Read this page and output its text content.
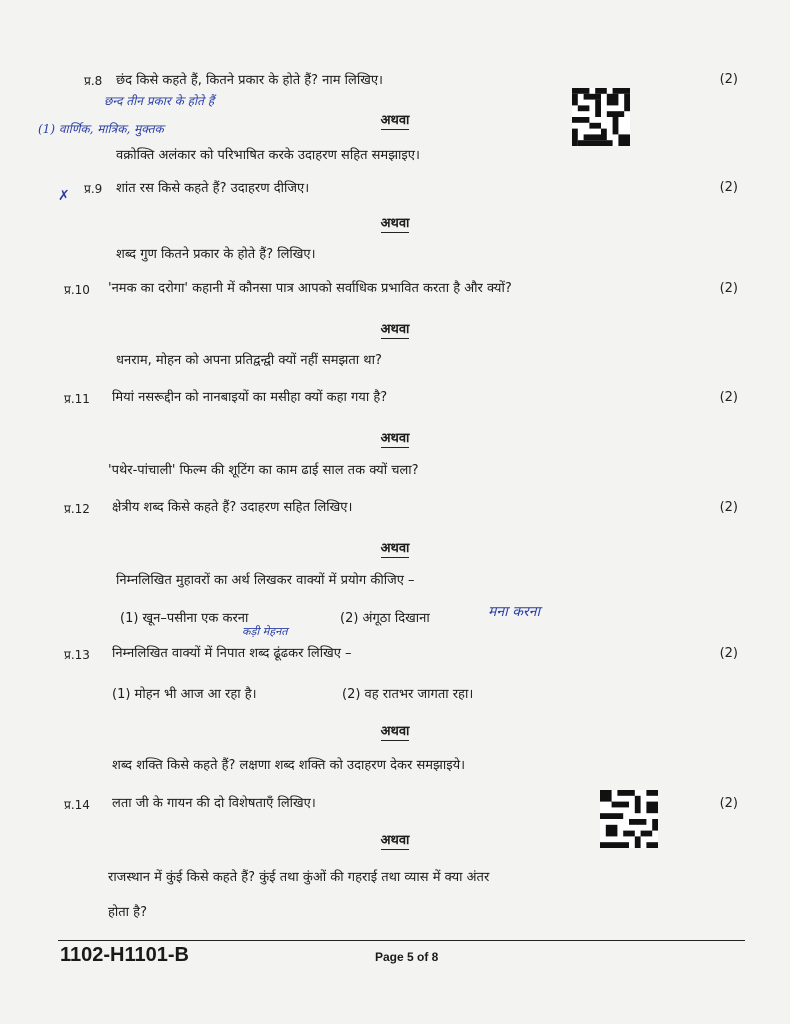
प्र.8 छंद किसे कहते हैं, कितने प्रकार के होते हैं? नाम लिखिए।	(2)
छन्द तीन प्रकार के होते हैं
अथवा
(1) वार्णिक, मात्रिक, मुक्तक
वक्रोक्ति अलंकार को परिभाषित करके उदाहरण सहित समझाइए।
✗ प्र.9 शांत रस किसे कहते हैं? उदाहरण दीजिए।	(2)
अथवा
शब्द गुण कितने प्रकार के होते हैं? लिखिए।
प्र.10 'नमक का दरोगा' कहानी में कौनसा पात्र आपको सर्वाधिक प्रभावित करता है और क्यों?	(2)
अथवा
धनराम, मोहन को अपना प्रतिद्वन्द्वी क्यों नहीं समझता था?
प्र.11 मियां नसरूद्दीन को नानबाइयों का मसीहा क्यों कहा गया है?	(2)
अथवा
'पथेर-पांचाली' फिल्म की शूटिंग का काम ढाई साल तक क्यों चला?
प्र.12 क्षेत्रीय शब्द किसे कहते हैं? उदाहरण सहित लिखिए।	(2)
अथवा
निम्नलिखित मुहावरों का अर्थ लिखकर वाक्यों में प्रयोग कीजिए –
(1) खून–पसीना एक करना	(2) अंगूठा दिखाना	मना करना
कड़ी मेहनत
प्र.13 निम्नलिखित वाक्यों में निपात शब्द ढूंढकर लिखिए –	(2)
(1) मोहन भी आज आ रहा है।	(2) वह रातभर जागता रहा।
अथवा
शब्द शक्ति किसे कहते हैं? लक्षणा शब्द शक्ति को उदाहरण देकर समझाइये।
प्र.14 लता जी के गायन की दो विशेषताएँ लिखिए।	(2)
अथवा
राजस्थान में कुंई किसे कहते हैं? कुंई तथा कुंओं की गहराई तथा व्यास में क्या अंतर
होता है?
1102-H1101-B	Page 5 of 8
